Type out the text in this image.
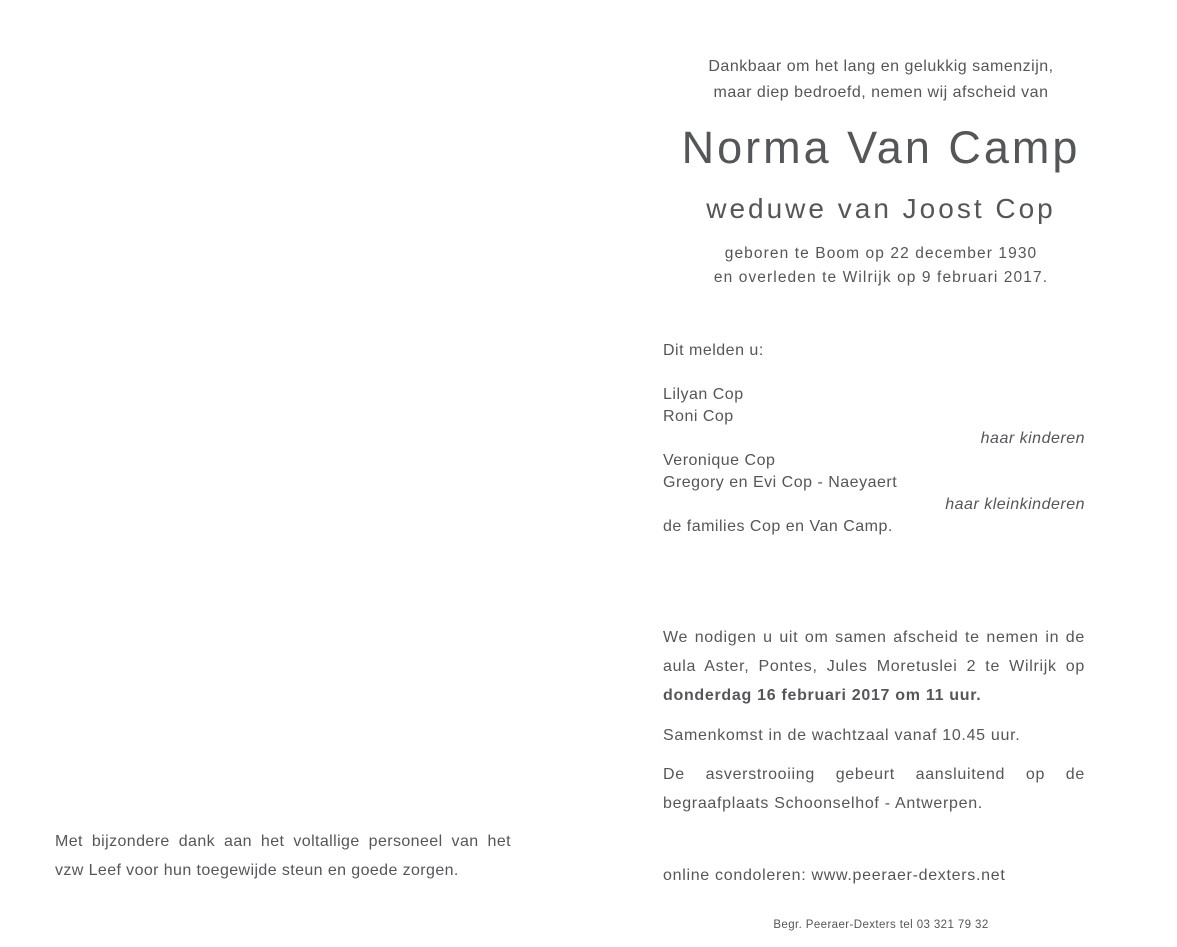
Met bijzondere dank aan het voltallige personeel van het vzw Leef voor hun toegewijde steun en goede zorgen.

Dankbaar om het lang en gelukkig samenzijn,
maar diep bedroefd, nemen wij afscheid van
Norma Van Camp
weduwe van Joost Cop
geboren te Boom op 22 december 1930
en overleden te Wilrijk op 9 februari 2017.
Dit melden u:
Lilyan Cop
Roni Cop
haar kinderen
Veronique Cop
Gregory en Evi Cop - Naeyaert
haar kleinkinderen
de families Cop en Van Camp.

We nodigen u uit om samen afscheid te nemen in de aula Aster, Pontes, Jules Moretuslei 2 te Wilrijk op

donderdag 16 februari 2017 om 11 uur.

Samenkomst in de wachtzaal vanaf 10.45 uur.

De asverstrooiing gebeurt aansluitend op de begraafplaats Schoonselhof - Antwerpen.

online condoleren: www.peeraer-dexters.net

Begr. Peeraer-Dexters tel 03 321 79 32
